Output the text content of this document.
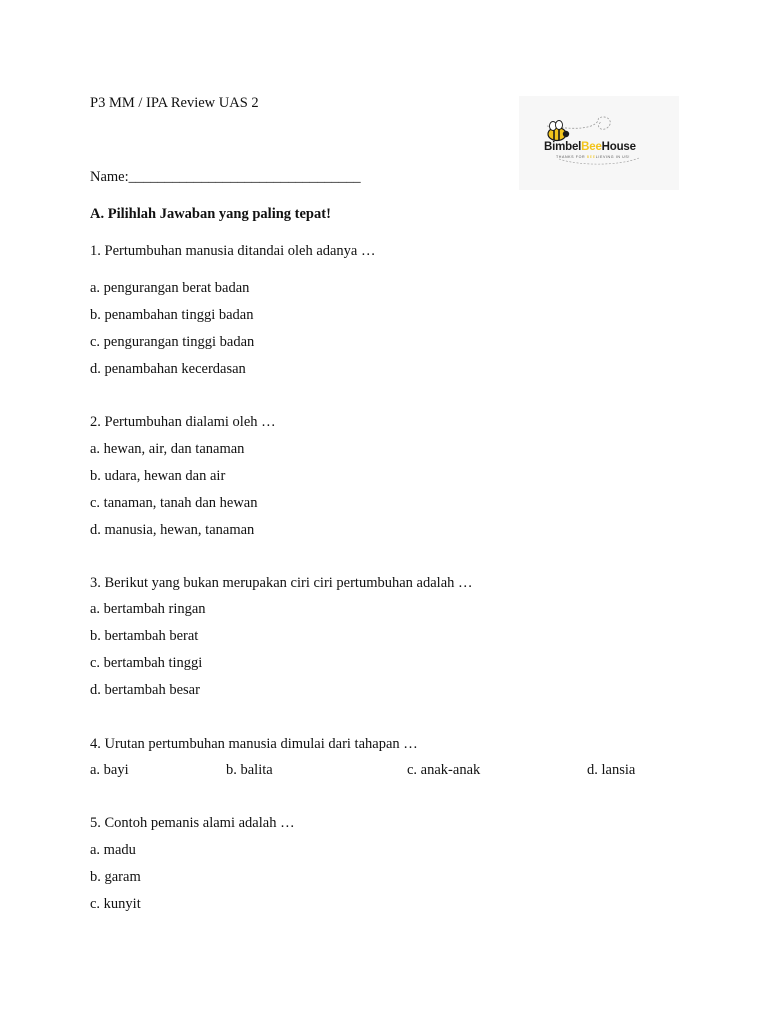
P3 MM / IPA Review UAS 2
BimbelBeeHouse
THANKS FOR BEELIEVING IN US!
Name:________________________________
A. Pilihlah Jawaban yang paling tepat!
1. Pertumbuhan manusia ditandai oleh adanya …
a. pengurangan berat badan
b. penambahan tinggi badan
c. pengurangan tinggi badan
d. penambahan kecerdasan
2. Pertumbuhan dialami oleh …
a. hewan, air, dan tanaman
b. udara, hewan dan air
c. tanaman, tanah dan hewan
d. manusia, hewan, tanaman
3. Berikut yang bukan merupakan ciri ciri pertumbuhan adalah …
a. bertambah ringan
b. bertambah berat
c. bertambah tinggi
d. bertambah besar
4. Urutan pertumbuhan manusia dimulai dari tahapan …
a. bayi	b. balita	c. anak-anak	d. lansia
5. Contoh pemanis alami adalah …
a. madu
b. garam
c. kunyit
